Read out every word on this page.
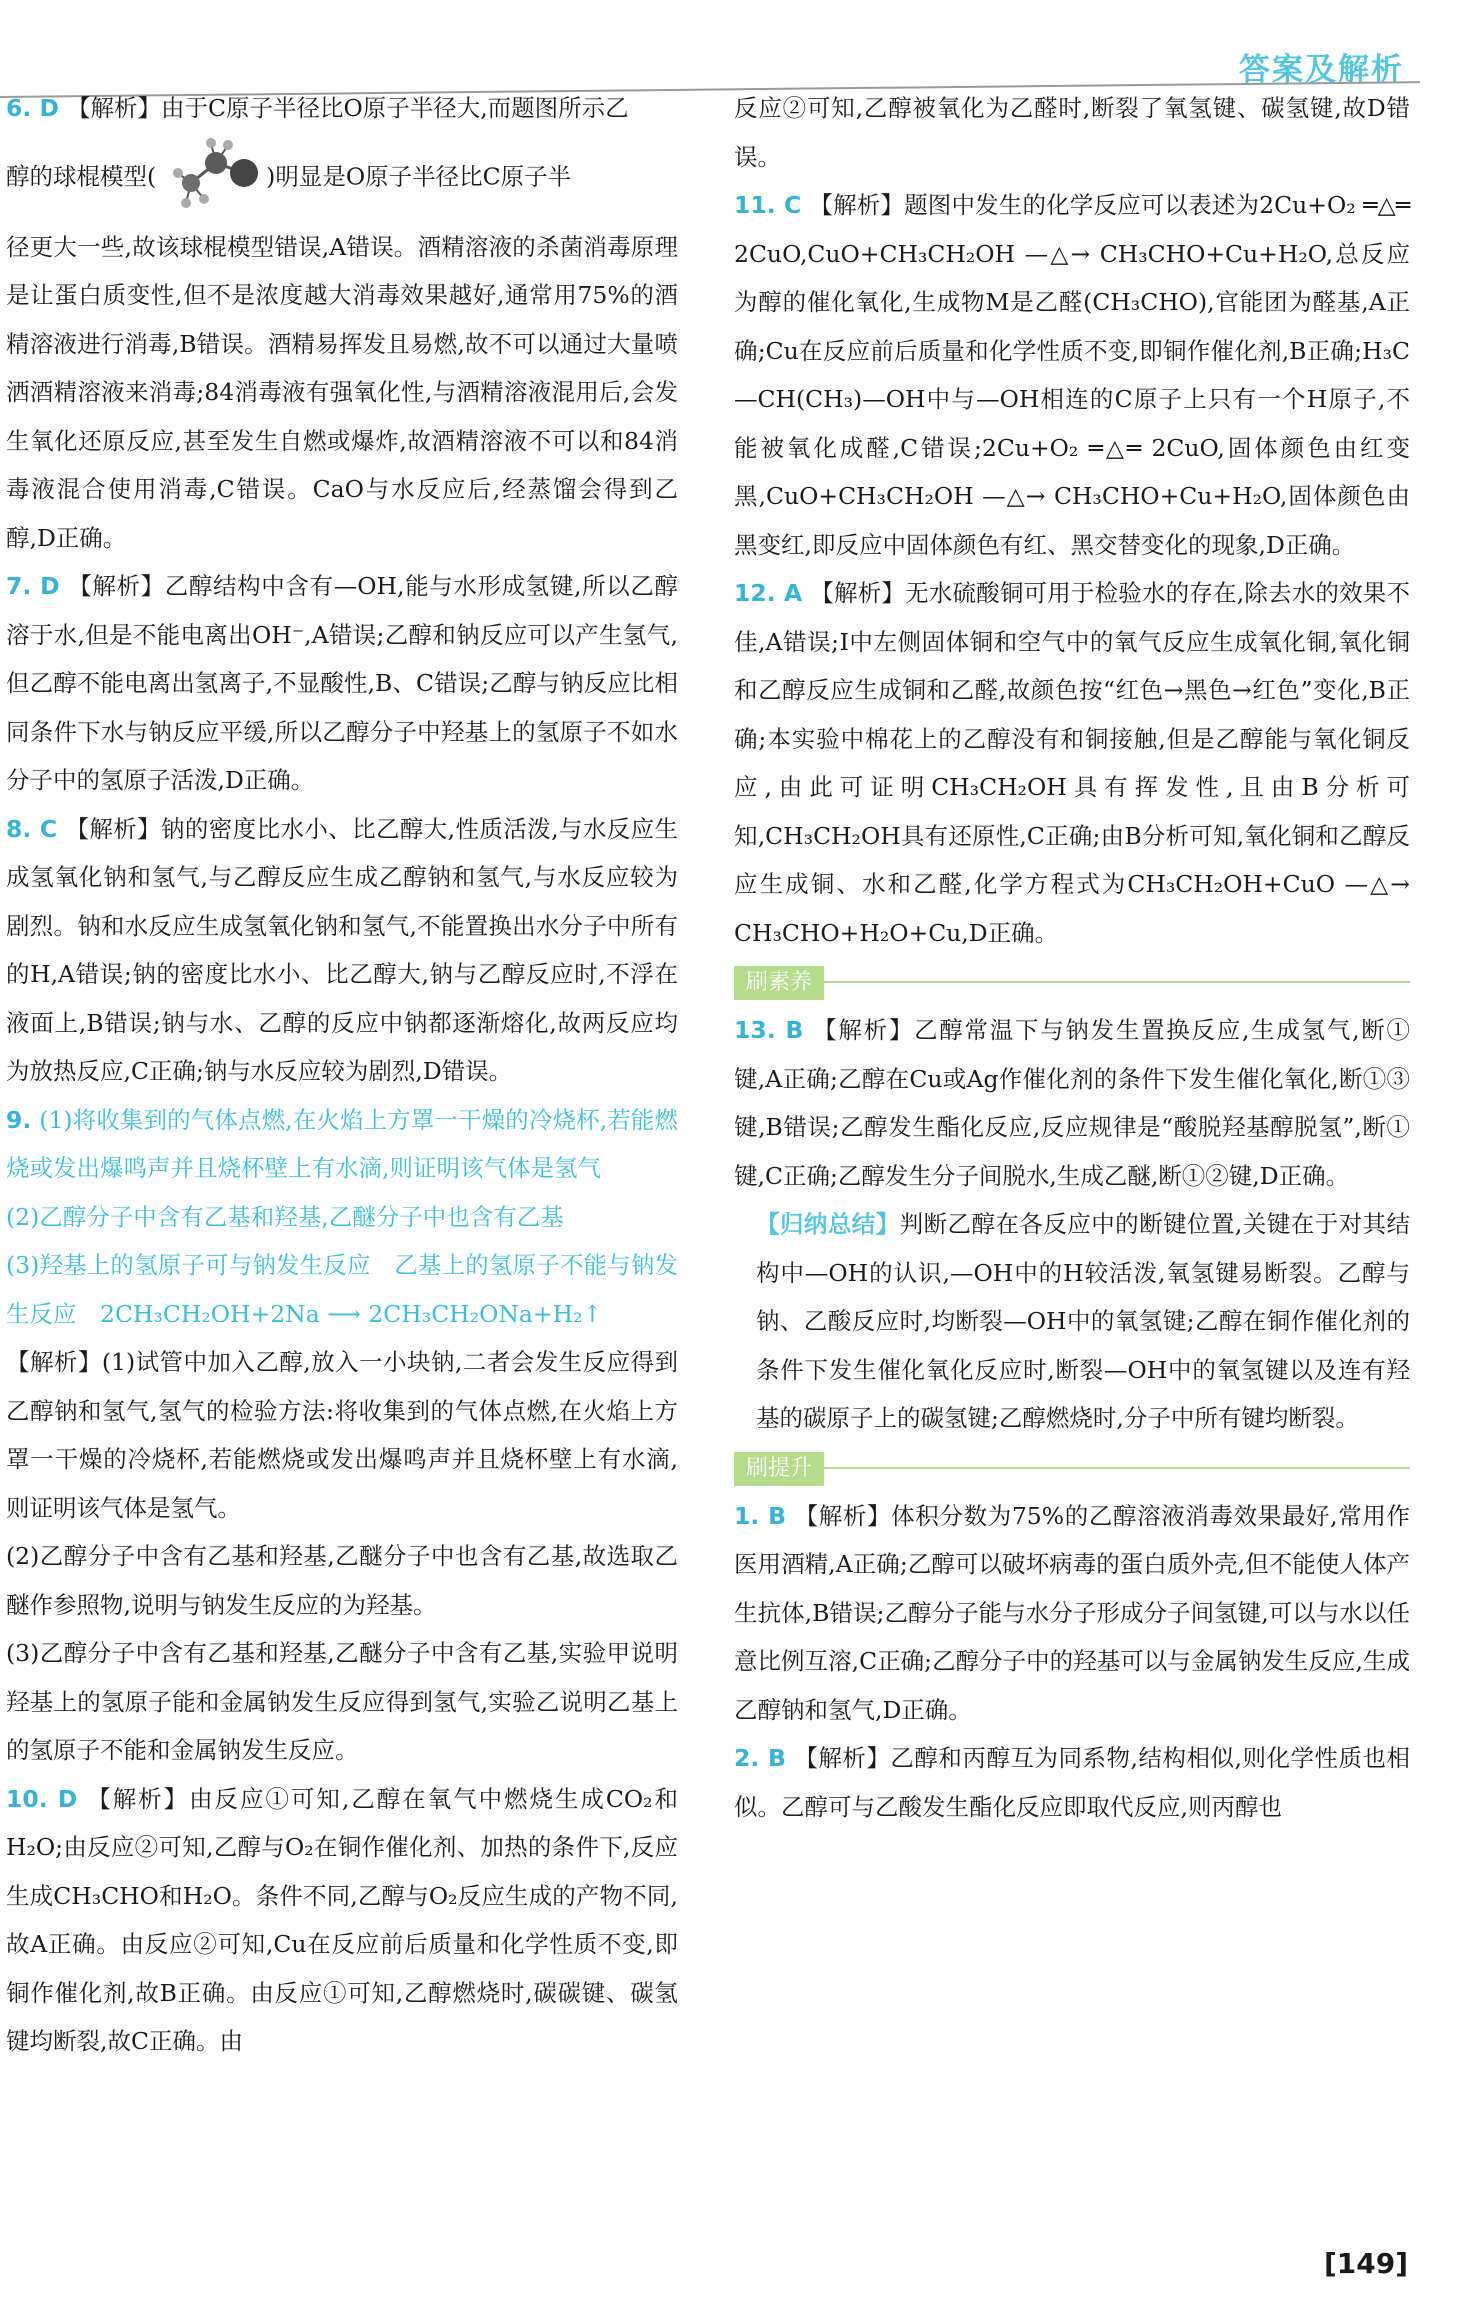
答案及解析

6. D 【解析】由于C原子半径比O原子半径大,而题图所示乙

醇的球棍模型(	)明显是O原子半径比C原子半

径更大一些,故该球棍模型错误,A错误。酒精溶液的杀菌消毒原理是让蛋白质变性,但不是浓度越大消毒效果越好,通常用75%的酒精溶液进行消毒,B错误。酒精易挥发且易燃,故不可以通过大量喷洒酒精溶液来消毒;84消毒液有强氧化性,与酒精溶液混用后,会发生氧化还原反应,甚至发生自燃或爆炸,故酒精溶液不可以和84消毒液混合使用消毒,C错误。CaO与水反应后,经蒸馏会得到乙醇,D正确。

7. D 【解析】乙醇结构中含有—OH,能与水形成氢键,所以乙醇溶于水,但是不能电离出OH⁻,A错误;乙醇和钠反应可以产生氢气,但乙醇不能电离出氢离子,不显酸性,B、C错误;乙醇与钠反应比相同条件下水与钠反应平缓,所以乙醇分子中羟基上的氢原子不如水分子中的氢原子活泼,D正确。

8. C 【解析】钠的密度比水小、比乙醇大,性质活泼,与水反应生成氢氧化钠和氢气,与乙醇反应生成乙醇钠和氢气,与水反应较为剧烈。钠和水反应生成氢氧化钠和氢气,不能置换出水分子中所有的H,A错误;钠的密度比水小、比乙醇大,钠与乙醇反应时,不浮在液面上,B错误;钠与水、乙醇的反应中钠都逐渐熔化,故两反应均为放热反应,C正确;钠与水反应较为剧烈,D错误。

9. (1)将收集到的气体点燃,在火焰上方罩一干燥的冷烧杯,若能燃烧或发出爆鸣声并且烧杯壁上有水滴,则证明该气体是氢气

(2)乙醇分子中含有乙基和羟基,乙醚分子中也含有乙基

(3)羟基上的氢原子可与钠发生反应　乙基上的氢原子不能与钠发生反应　2CH₃CH₂OH+2Na ⟶ 2CH₃CH₂ONa+H₂↑

【解析】(1)试管中加入乙醇,放入一小块钠,二者会发生反应得到乙醇钠和氢气,氢气的检验方法:将收集到的气体点燃,在火焰上方罩一干燥的冷烧杯,若能燃烧或发出爆鸣声并且烧杯壁上有水滴,则证明该气体是氢气。

(2)乙醇分子中含有乙基和羟基,乙醚分子中也含有乙基,故选取乙醚作参照物,说明与钠发生反应的为羟基。

(3)乙醇分子中含有乙基和羟基,乙醚分子中含有乙基,实验甲说明羟基上的氢原子能和金属钠发生反应得到氢气,实验乙说明乙基上的氢原子不能和金属钠发生反应。

10. D 【解析】由反应①可知,乙醇在氧气中燃烧生成CO₂和H₂O;由反应②可知,乙醇与O₂在铜作催化剂、加热的条件下,反应生成CH₃CHO和H₂O。条件不同,乙醇与O₂反应生成的产物不同,故A正确。由反应②可知,Cu在反应前后质量和化学性质不变,即铜作催化剂,故B正确。由反应①可知,乙醇燃烧时,碳碳键、碳氢键均断裂,故C正确。由

反应②可知,乙醇被氧化为乙醛时,断裂了氧氢键、碳氢键,故D错误。

11. C 【解析】题图中发生的化学反应可以表述为2Cu+O₂ ═△═ 2CuO,CuO+CH₃CH₂OH —△→ CH₃CHO+Cu+H₂O,总反应为醇的催化氧化,生成物M是乙醛(CH₃CHO),官能团为醛基,A正确;Cu在反应前后质量和化学性质不变,即铜作催化剂,B正确;H₃C—CH(CH₃)—OH中与—OH相连的C原子上只有一个H原子,不能被氧化成醛,C错误;2Cu+O₂ ═△═ 2CuO,固体颜色由红变黑,CuO+CH₃CH₂OH —△→ CH₃CHO+Cu+H₂O,固体颜色由黑变红,即反应中固体颜色有红、黑交替变化的现象,D正确。

12. A 【解析】无水硫酸铜可用于检验水的存在,除去水的效果不佳,A错误;Ⅰ中左侧固体铜和空气中的氧气反应生成氧化铜,氧化铜和乙醇反应生成铜和乙醛,故颜色按“红色→黑色→红色”变化,B正确;本实验中棉花上的乙醇没有和铜接触,但是乙醇能与氧化铜反应,由此可证明CH₃CH₂OH具有挥发性,且由B分析可知,CH₃CH₂OH具有还原性,C正确;由B分析可知,氧化铜和乙醇反应生成铜、水和乙醛,化学方程式为CH₃CH₂OH+CuO —△→ CH₃CHO+H₂O+Cu,D正确。

刷素养

13. B 【解析】乙醇常温下与钠发生置换反应,生成氢气,断①键,A正确;乙醇在Cu或Ag作催化剂的条件下发生催化氧化,断①③键,B错误;乙醇发生酯化反应,反应规律是“酸脱羟基醇脱氢”,断①键,C正确;乙醇发生分子间脱水,生成乙醚,断①②键,D正确。

【归纳总结】判断乙醇在各反应中的断键位置,关键在于对其结构中—OH的认识,—OH中的H较活泼,氧氢键易断裂。乙醇与钠、乙酸反应时,均断裂—OH中的氧氢键;乙醇在铜作催化剂的条件下发生催化氧化反应时,断裂—OH中的氧氢键以及连有羟基的碳原子上的碳氢键;乙醇燃烧时,分子中所有键均断裂。

刷提升

1. B 【解析】体积分数为75%的乙醇溶液消毒效果最好,常用作医用酒精,A正确;乙醇可以破坏病毒的蛋白质外壳,但不能使人体产生抗体,B错误;乙醇分子能与水分子形成分子间氢键,可以与水以任意比例互溶,C正确;乙醇分子中的羟基可以与金属钠发生反应,生成乙醇钠和氢气,D正确。

2. B 【解析】乙醇和丙醇互为同系物,结构相似,则化学性质也相似。乙醇可与乙酸发生酯化反应即取代反应,则丙醇也

[149]
